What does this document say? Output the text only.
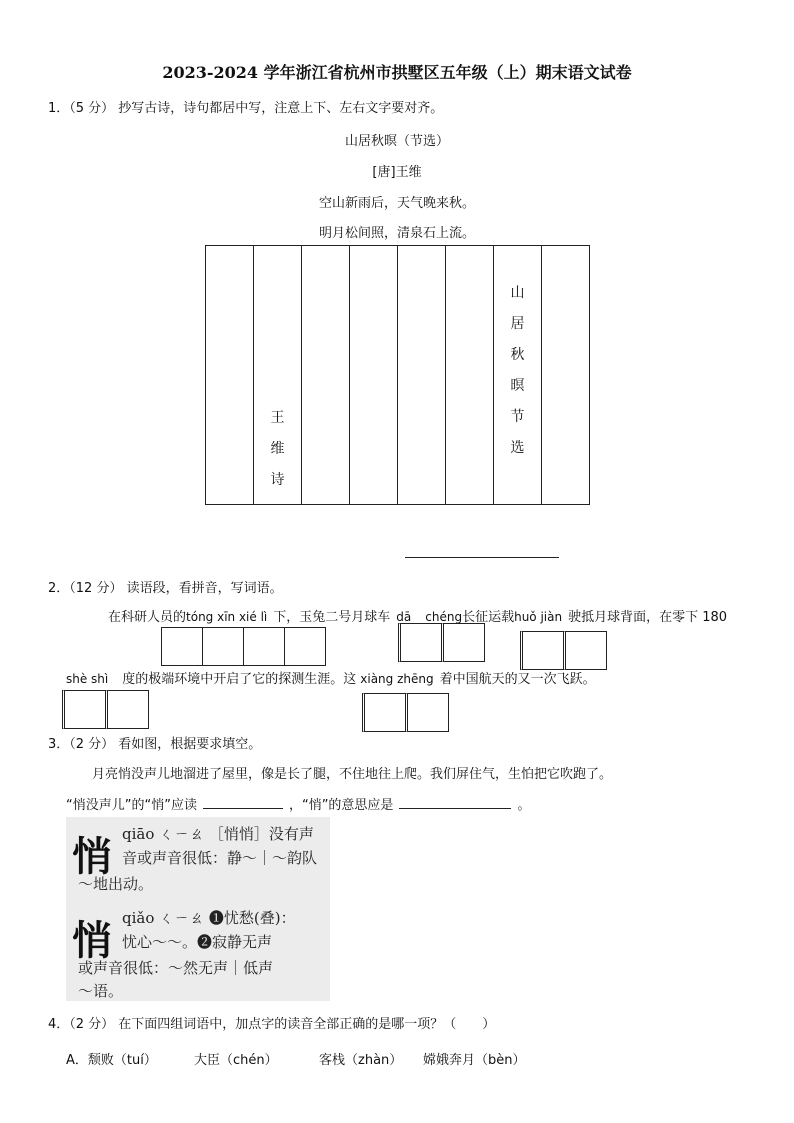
2023-2024 学年浙江省杭州市拱墅区五年级（上）期末语文试卷
1．（5 分） 抄写古诗，诗句都居中写，注意上下、左右文字要对齐。
山居秋暝（节选）
[唐]王维
空山新雨后，天气晚来秋。
明月松间照，清泉石上流。

王
维
诗

山
居
秋
暝
节
选

2．（12 分） 读语段，看拼音，写词语。
在科研人员的tóng xīn xié lì 下，玉兔二号月球车 dā chéng长征运载huǒ jiàn 驶抵月球背面，在零下 180
shè shì 度的极端环境中开启了它的探测生涯。这 xiàng zhēng 着中国航天的又一次飞跃。
3．（2 分） 看如图，根据要求填空。
月亮悄没声儿地溜进了屋里，像是长了腿，不住地往上爬。我们屏住气，生怕把它吹跑了。
“悄没声儿”的“悄”应读	，“悄”的意思应是	。
悄 qiāo ㄑㄧㄠ ［悄悄］没有声
音或声音很低：静～｜～韵队
～地出动。
悄 qiǎo ㄑㄧㄠ ❶忧愁(叠)：
忧心～～。❷寂静无声
或声音很低：～然无声｜低声
～语。
4．（2 分） 在下面四组词语中，加点字的读音全部正确的是哪一项？（　　）
A．颓败（tuí）	大臣（chén）	客栈（zhàn） 嫦娥奔月（bèn）
